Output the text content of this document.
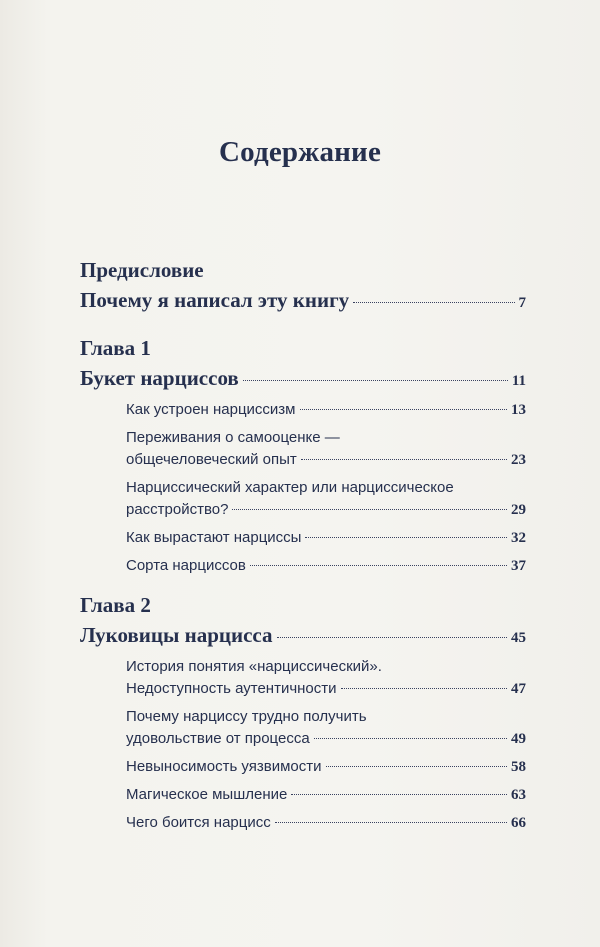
Содержание
Предисловие
Почему я написал эту книгу	7
Глава 1
Букет нарциссов	11
Как устроен нарциссизм	13
Переживания о самооценке —
общечеловеческий опыт	23
Нарциссический характер или нарциссическое
расстройство?	29
Как вырастают нарциссы	32
Сорта нарциссов	37
Глава 2
Луковицы нарцисса	45
История понятия «нарциссический».
Недоступность аутентичности	47
Почему нарциссу трудно получить
удовольствие от процесса	49
Невыносимость уязвимости	58
Магическое мышление	63
Чего боится нарцисс	66
